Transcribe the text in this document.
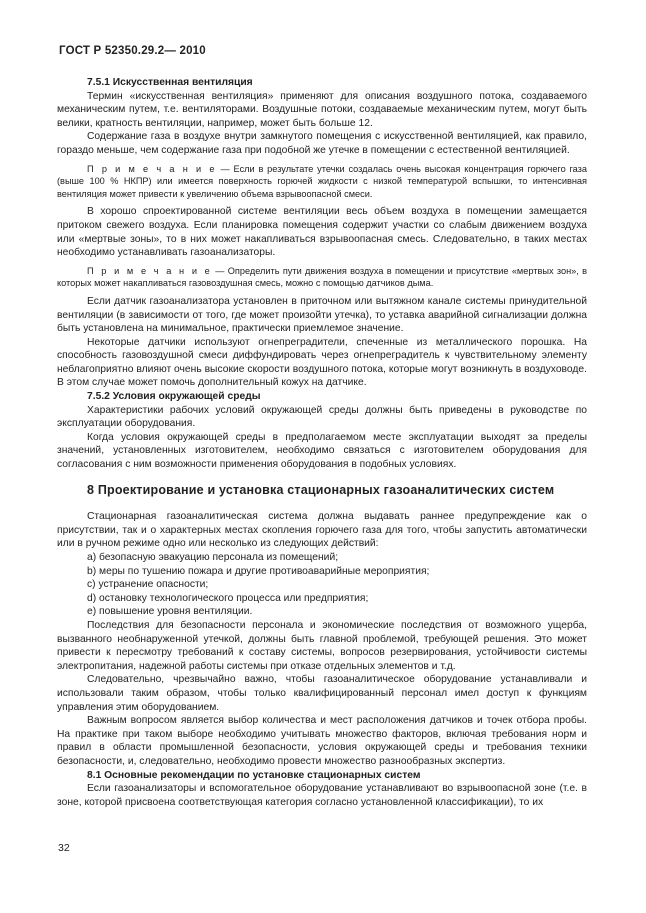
ГОСТ Р 52350.29.2— 2010

7.5.1 Искусственная вентиляция

Термин «искусственная вентиляция» применяют для описания воздушного потока, создаваемого механическим путем, т.е. вентиляторами. Воздушные потоки, создаваемые механическим путем, могут быть велики, кратность вентиляции, например, может быть больше 12.

Содержание газа в воздухе внутри замкнутого помещения с искусственной вентиляцией, как правило, гораздо меньше, чем содержание газа при подобной же утечке в помещении с естественной вентиляцией.

П р и м е ч а н и е — Если в результате утечки создалась очень высокая концентрация горючего газа (выше 100 % НКПР) или имеется поверхность горючей жидкости с низкой температурой вспышки, то интенсивная вентиляция может привести к увеличению объема взрывоопасной смеси.

В хорошо спроектированной системе вентиляции весь объем воздуха в помещении замещается притоком свежего воздуха. Если планировка помещения содержит участки со слабым движением воздуха или «мертвые зоны», то в них может накапливаться взрывоопасная смесь. Следовательно, в таких местах необходимо устанавливать газоанализаторы.

П р и м е ч а н и е — Определить пути движения воздуха в помещении и присутствие «мертвых зон», в которых может накапливаться газовоздушная смесь, можно с помощью датчиков дыма.

Если датчик газоанализатора установлен в приточном или вытяжном канале системы принудительной вентиляции (в зависимости от того, где может произойти утечка), то уставка аварийной сигнализации должна быть установлена на минимальное, практически приемлемое значение.

Некоторые датчики используют огнепреградители, спеченные из металлического порошка. На способность газовоздушной смеси диффундировать через огнепреградитель к чувствительному элементу неблагоприятно влияют очень высокие скорости воздушного потока, которые могут возникнуть в воздуховоде. В этом случае может помочь дополнительный кожух на датчике.

7.5.2 Условия окружающей среды

Характеристики рабочих условий окружающей среды должны быть приведены в руководстве по эксплуатации оборудования.

Когда условия окружающей среды в предполагаемом месте эксплуатации выходят за пределы значений, установленных изготовителем, необходимо связаться с изготовителем оборудования для согласования с ним возможности применения оборудования в подобных условиях.

8 Проектирование и установка стационарных газоаналитических систем

Стационарная газоаналитическая система должна выдавать раннее предупреждение как о присутствии, так и о характерных местах скопления горючего газа для того, чтобы запустить автоматически или в ручном режиме одно или несколько из следующих действий:

a) безопасную эвакуацию персонала из помещений;

b) меры по тушению пожара и другие противоаварийные мероприятия;

c) устранение опасности;

d) остановку технологического процесса или предприятия;

e) повышение уровня вентиляции.

Последствия для безопасности персонала и экономические последствия от возможного ущерба, вызванного необнаруженной утечкой, должны быть главной проблемой, требующей решения. Это может привести к пересмотру требований к составу системы, вопросов резервирования, устойчивости системы электропитания, надежной работы системы при отказе отдельных элементов и т.д.

Следовательно, чрезвычайно важно, чтобы газоаналитическое оборудование устанавливали и использовали таким образом, чтобы только квалифицированный персонал имел доступ к функциям управления этим оборудованием.

Важным вопросом является выбор количества и мест расположения датчиков и точек отбора пробы. На практике при таком выборе необходимо учитывать множество факторов, включая требования норм и правил в области промышленной безопасности, условия окружающей среды и требования техники безопасности, и, следовательно, необходимо провести множество разнообразных экспертиз.

8.1 Основные рекомендации по установке стационарных систем

Если газоанализаторы и вспомогательное оборудование устанавливают во взрывоопасной зоне (т.е. в зоне, которой присвоена соответствующая категория согласно установленной классификации), то их

32
